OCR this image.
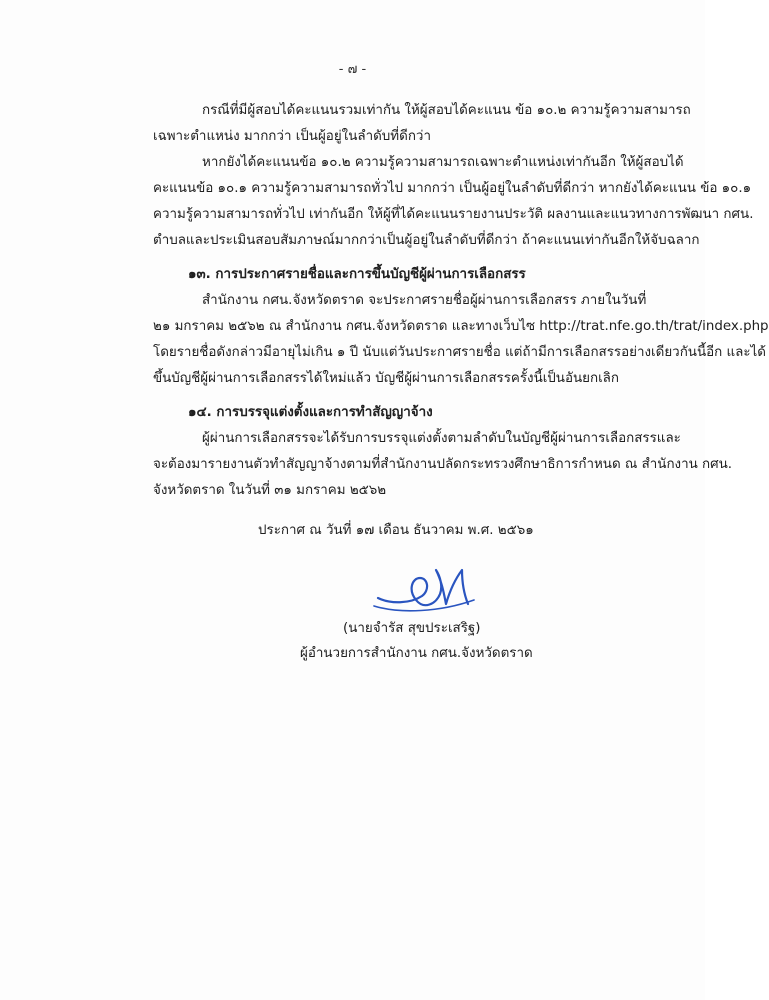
- ๗ -
กรณีที่มีผู้สอบได้คะแนนรวมเท่ากัน ให้ผู้สอบได้คะแนน ข้อ ๑๐.๒ ความรู้ความสามารถ
เฉพาะตำแหน่ง มากกว่า เป็นผู้อยู่ในลำดับที่ดีกว่า
หากยังได้คะแนนข้อ ๑๐.๒ ความรู้ความสามารถเฉพาะตำแหน่งเท่ากันอีก ให้ผู้สอบได้
คะแนนข้อ ๑๐.๑ ความรู้ความสามารถทั่วไป มากกว่า เป็นผู้อยู่ในลำดับที่ดีกว่า หากยังได้คะแนน ข้อ ๑๐.๑
ความรู้ความสามารถทั่วไป เท่ากันอีก ให้ผู้ที่ได้คะแนนรายงานประวัติ ผลงานและแนวทางการพัฒนา กศน.
ตำบลและประเมินสอบสัมภาษณ์มากกว่าเป็นผู้อยู่ในลำดับที่ดีกว่า ถ้าคะแนนเท่ากันอีกให้จับฉลาก
๑๓. การประกาศรายชื่อและการขึ้นบัญชีผู้ผ่านการเลือกสรร
สำนักงาน กศน.จังหวัดตราด จะประกาศรายชื่อผู้ผ่านการเลือกสรร ภายในวันที่
๒๑ มกราคม ๒๕๖๒ ณ สำนักงาน กศน.จังหวัดตราด และทางเว็บไซ http://trat.nfe.go.th/trat/index.php
โดยรายชื่อดังกล่าวมีอายุไม่เกิน ๑ ปี นับแต่วันประกาศรายชื่อ แต่ถ้ามีการเลือกสรรอย่างเดียวกันนี้อีก และได้
ขึ้นบัญชีผู้ผ่านการเลือกสรรได้ใหม่แล้ว บัญชีผู้ผ่านการเลือกสรรครั้งนี้เป็นอันยกเลิก
๑๔. การบรรจุแต่งตั้งและการทำสัญญาจ้าง
ผู้ผ่านการเลือกสรรจะได้รับการบรรจุแต่งตั้งตามลำดับในบัญชีผู้ผ่านการเลือกสรรและ
จะต้องมารายงานตัวทำสัญญาจ้างตามที่สำนักงานปลัดกระทรวงศึกษาธิการกำหนด ณ สำนักงาน กศน.
จังหวัดตราด ในวันที่ ๓๑ มกราคม ๒๕๖๒
ประกาศ ณ วันที่ ๑๗ เดือน ธันวาคม พ.ศ. ๒๕๖๑
(นายจำรัส สุขประเสริฐ)
ผู้อำนวยการสำนักงาน กศน.จังหวัดตราด
